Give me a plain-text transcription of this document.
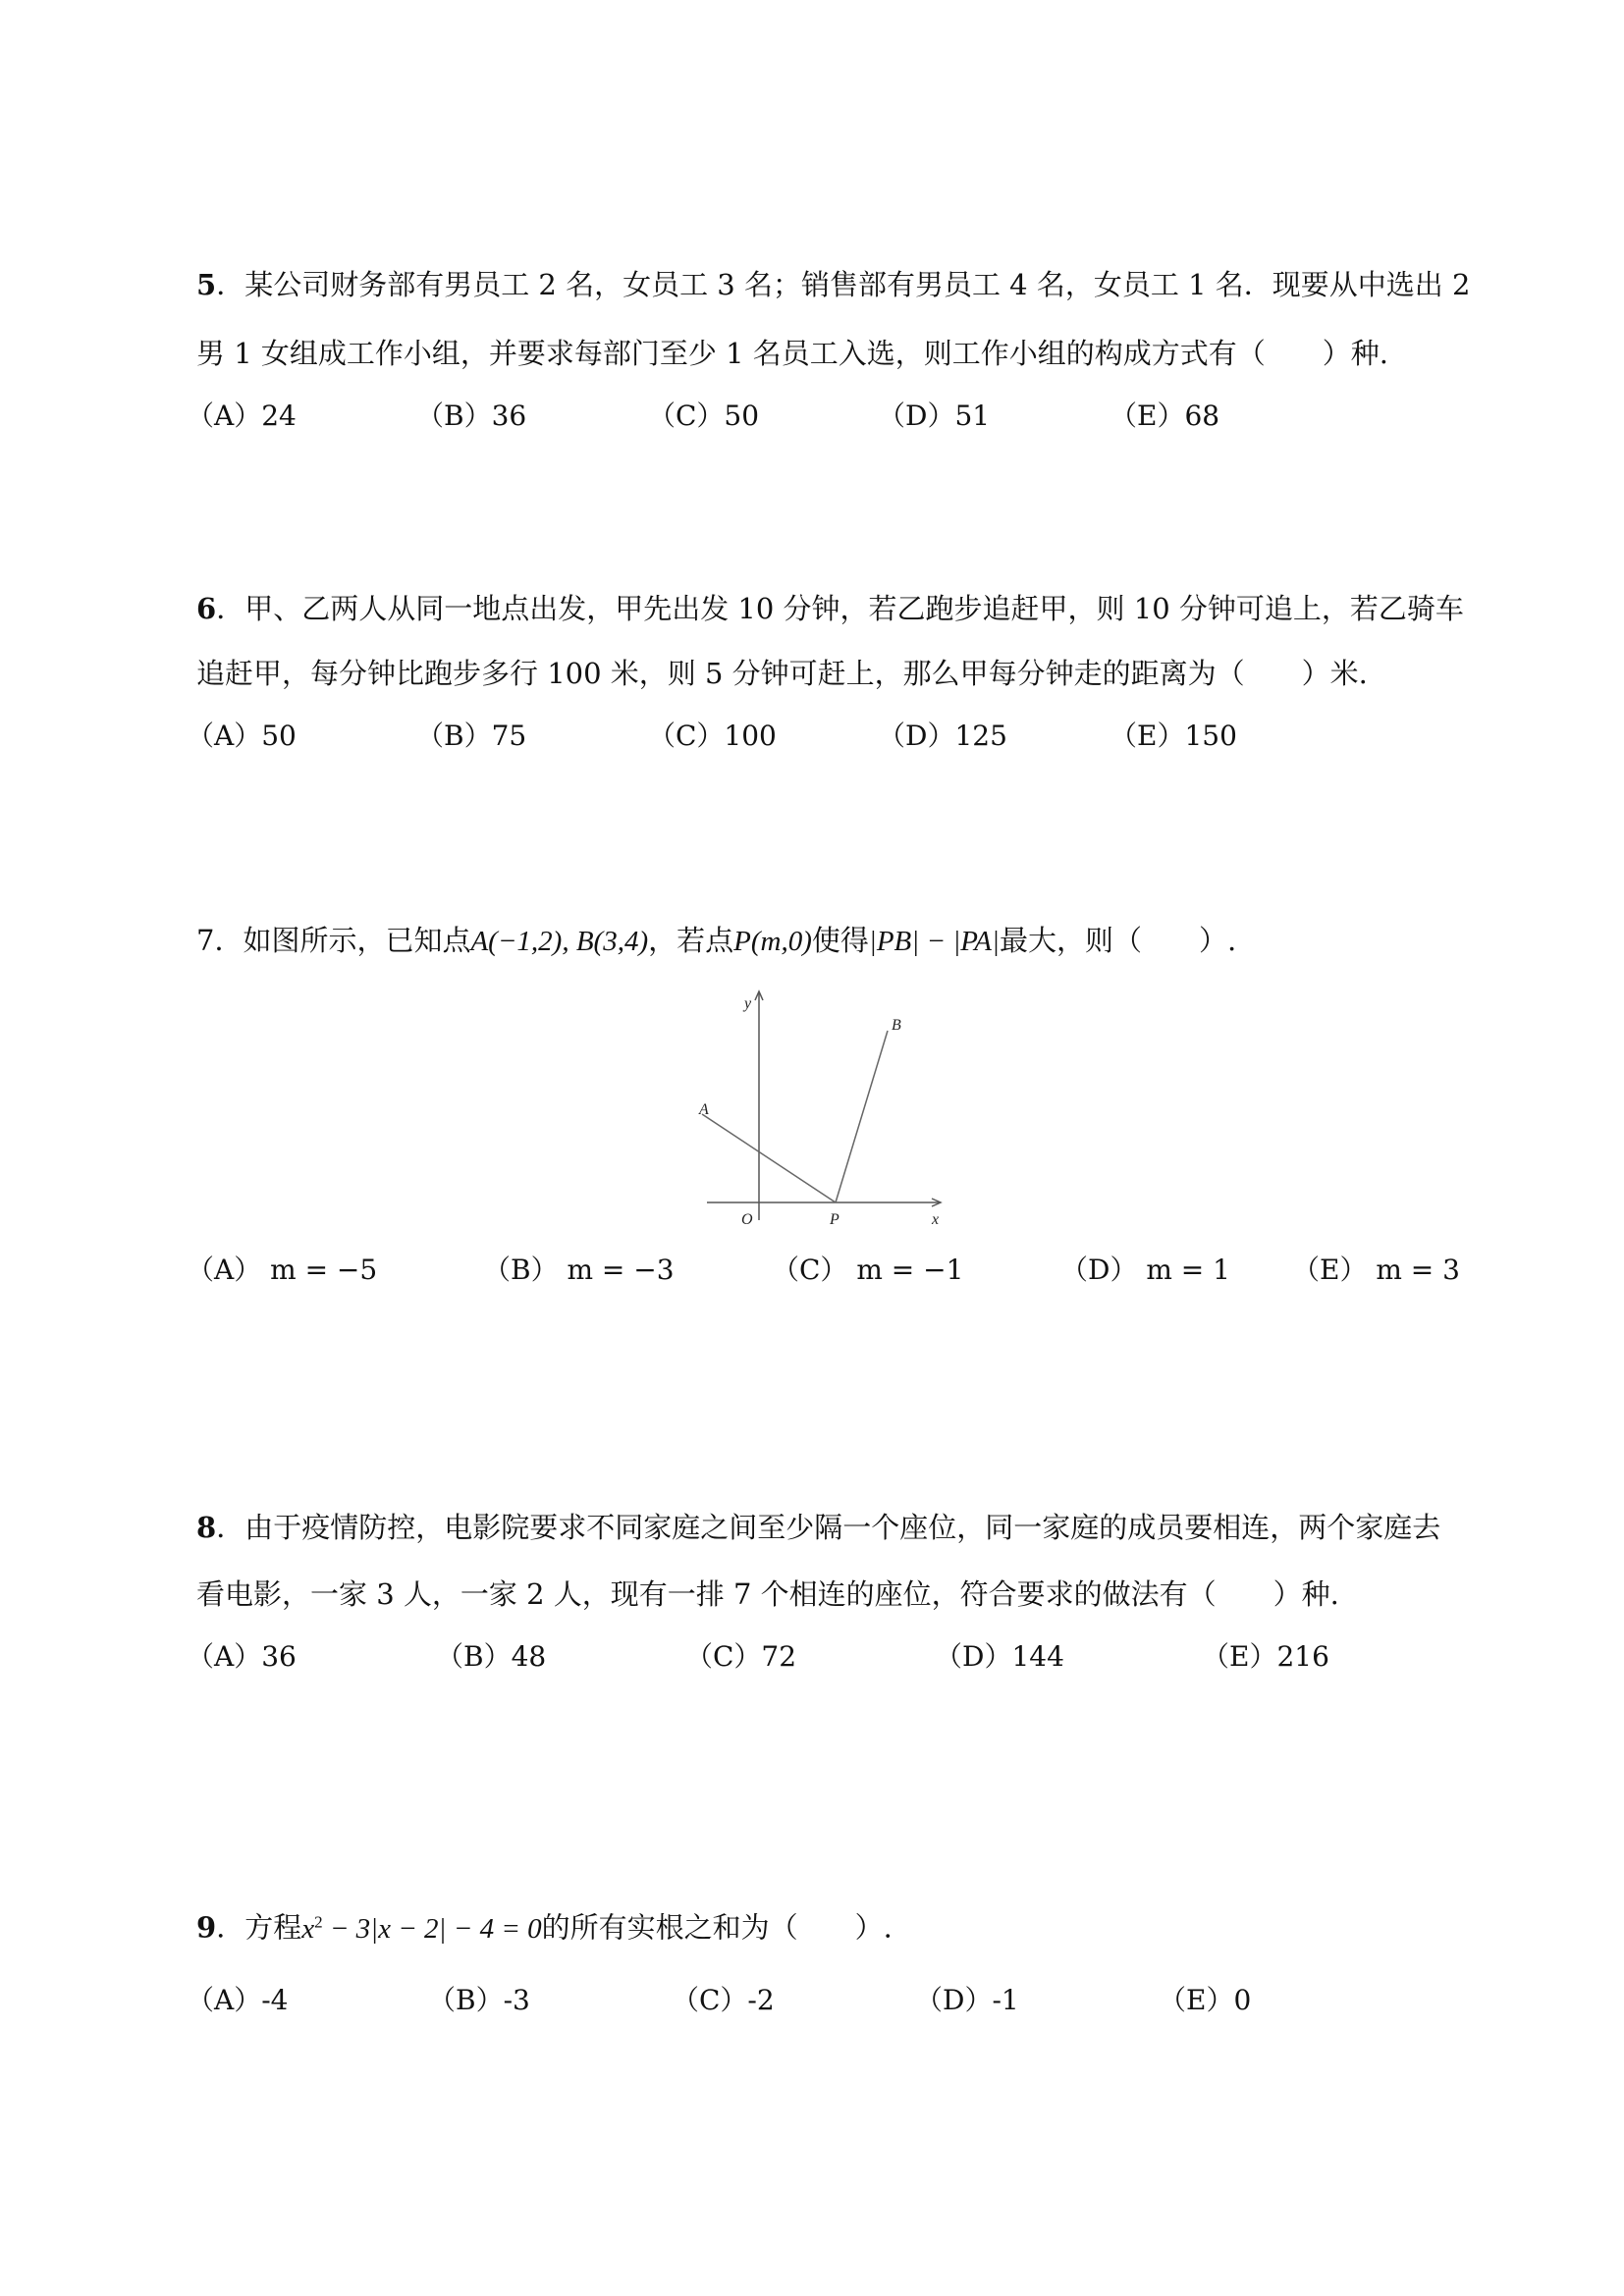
5．某公司财务部有男员工 2 名，女员工 3 名；销售部有男员工 4 名，女员工 1 名．现要从中选出 2
男 1 女组成工作小组，并要求每部门至少 1 名员工入选，则工作小组的构成方式有（　　）种.
（A）24	（B）36	（C）50	（D）51	（E）68
6．甲、乙两人从同一地点出发，甲先出发 10 分钟，若乙跑步追赶甲，则 10 分钟可追上，若乙骑车
追赶甲，每分钟比跑步多行 100 米，则 5 分钟可赶上，那么甲每分钟走的距离为（　　）米.
（A）50	（B）75	（C）100	（D）125	（E）150
7．如图所示，已知点A(−1,2), B(3,4)，若点P(m,0)使得|PB| − |PA|最大，则（　　）.
y
x
O
A
B
P
（A） m = −5	（B） m = −3	（C） m = −1	（D） m = 1 （E） m = 3
8．由于疫情防控，电影院要求不同家庭之间至少隔一个座位，同一家庭的成员要相连，两个家庭去
看电影，一家 3 人，一家 2 人，现有一排 7 个相连的座位，符合要求的做法有（　　）种.
（A）36	（B）48	（C）72	（D）144	（E）216
9．方程$x^2 - 3|x - 2| - 4 = 0$的所有实根之和为（　　）.
（A）-4	（B）-3	（C）-2	（D）-1	（E）0
